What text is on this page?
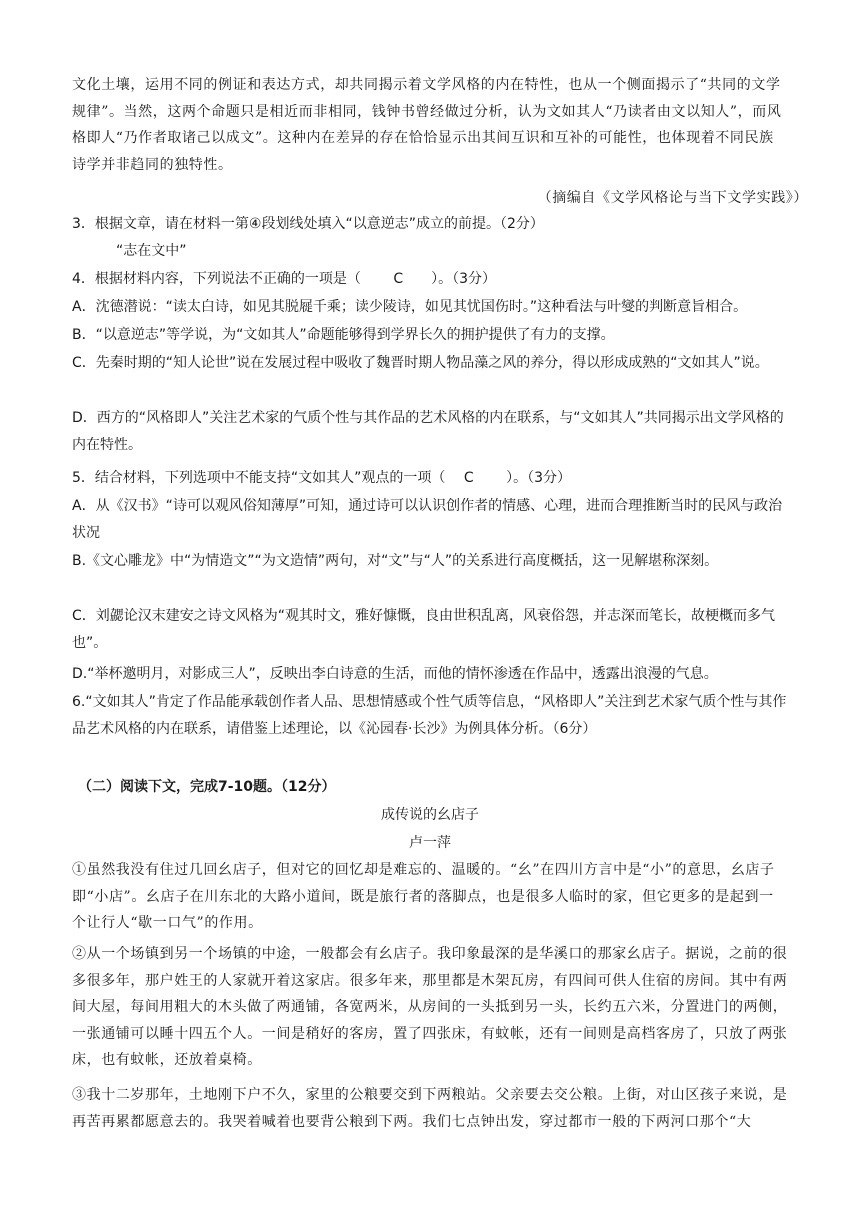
文化土壤，运用不同的例证和表达方式，却共同揭示着文学风格的内在特性，也从一个侧面揭示了“共同的文学规律”。当然，这两个命题只是相近而非相同，钱钟书曾经做过分析，认为文如其人“乃读者由文以知人”，而风格即人“乃作者取诸己以成文”。这种内在差异的存在恰恰显示出其间互识和互补的可能性，也体现着不同民族诗学并非趋同的独特性。

（摘编自《文学风格论与当下文学实践》）

3．根据文章，请在材料一第④段划线处填入“以意逆志”成立的前提。（2分）

“志在文中”

4．根据材料内容，下列说法不正确的一项是（　　 C　　）。（3分）

A．沈德潜说：“读太白诗，如见其脱屣千乘；读少陵诗，如见其忧国伤时。”这种看法与叶燮的判断意旨相合。

B．“以意逆志”等学说，为“文如其人”命题能够得到学界长久的拥护提供了有力的支撑。

C．先秦时期的“知人论世”说在发展过程中吸收了魏晋时期人物品藻之风的养分，得以形成成熟的“文如其人”说。

D．西方的“风格即人”关注艺术家的气质个性与其作品的艺术风格的内在联系，与“文如其人”共同揭示出文学风格的内在特性。

5．结合材料，下列选项中不能支持“文如其人”观点的一项（　 C　　 ）。（3分）

A．从《汉书》“诗可以观风俗知薄厚”可知，通过诗可以认识创作者的情感、心理，进而合理推断当时的民风与政治状况

B.《文心雕龙》中“为情造文”“为文造情”两句，对“文”与“人”的关系进行高度概括，这一见解堪称深刻。

C．刘勰论汉末建安之诗文风格为“观其时文，雅好慷慨，良由世积乱离，风衰俗怨，并志深而笔长，故梗概而多气也”。

D.“举杯邀明月，对影成三人”，反映出李白诗意的生活，而他的情怀渗透在作品中，透露出浪漫的气息。

6.“文如其人”肯定了作品能承载创作者人品、思想情感或个性气质等信息，“风格即人”关注到艺术家气质个性与其作品艺术风格的内在联系，请借鉴上述理论，以《沁园春·长沙》为例具体分析。（6分）

（二）阅读下文，完成7-10题。（12分）

成传说的幺店子
卢一萍

①虽然我没有住过几回幺店子，但对它的回忆却是难忘的、温暖的。“幺”在四川方言中是“小”的意思，幺店子即“小店”。幺店子在川东北的大路小道间，既是旅行者的落脚点，也是很多人临时的家，但它更多的是起到一个让行人“歇一口气”的作用。

②从一个场镇到另一个场镇的中途，一般都会有幺店子。我印象最深的是华溪口的那家幺店子。据说，之前的很多很多年，那户姓王的人家就开着这家店。很多年来，那里都是木架瓦房，有四间可供人住宿的房间。其中有两间大屋，每间用粗大的木头做了两通铺，各宽两米，从房间的一头抵到另一头，长约五六米，分置进门的两侧，一张通铺可以睡十四五个人。一间是稍好的客房，置了四张床，有蚊帐，还有一间则是高档客房了，只放了两张床，也有蚊帐，还放着桌椅。

③我十二岁那年，土地刚下户不久，家里的公粮要交到下两粮站。父亲要去交公粮。上街，对山区孩子来说，是再苦再累都愿意去的。我哭着喊着也要背公粮到下两。我们七点钟出发，穿过都市一般的下两河口那个“大
